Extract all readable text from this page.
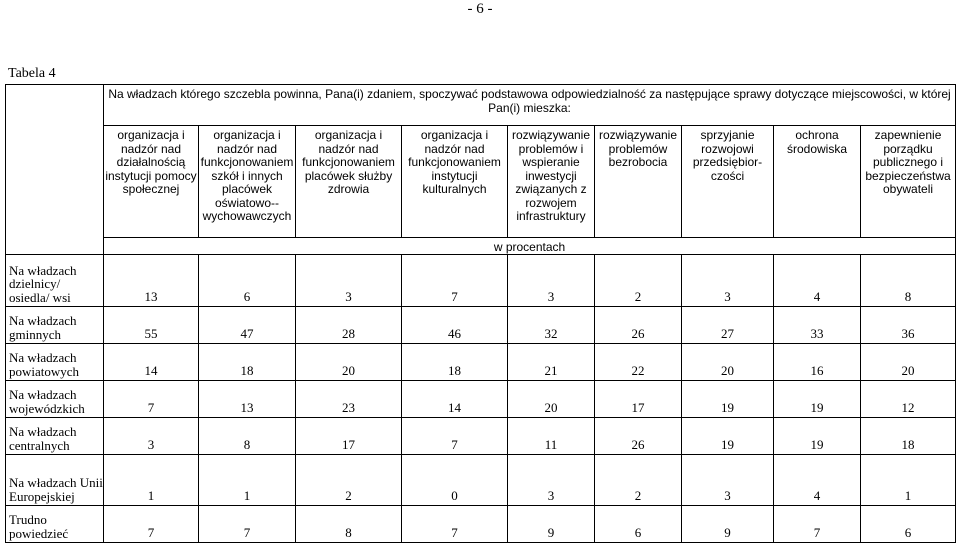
- 6 -
Tabela 4
	Na władzach którego szczebla powinna, Pana(i) zdaniem, spoczywać podstawowa odpowiedzialność za następujące sprawy dotyczące miejscowości, w której Pan(i) mieszka:								
	organizacja i nadzór nad działalnością instytucji pomocy społecznej	organizacja i nadzór nad funkcjonowaniem szkół i innych placówek oświatowo--wychowawczych	organizacja i nadzór nad funkcjonowaniem placówek służby zdrowia	organizacja i nadzór nad funkcjonowaniem instytucji kulturalnych	rozwiązywanie problemów i wspieranie inwestycji związanych z rozwojem infrastruktury	rozwiązywanie problemów bezrobocia	sprzyjanie rozwojowi przedsiębior-czości	ochrona środowiska	zapewnienie porządku publicznego i bezpieczeństwa obywateli
	w procentach								
Na władzach dzielnicy/ osiedla/ wsi	13	6	3	7	3	2	3	4	8
Na władzach gminnych	55	47	28	46	32	26	27	33	36
Na władzach powiatowych	14	18	20	18	21	22	20	16	20
Na władzach wojewódzkich	7	13	23	14	20	17	19	19	12
Na władzach centralnych	3	8	17	7	11	26	19	19	18
Na władzach Unii Europejskiej	1	1	2	0	3	2	3	4	1
Trudno powiedzieć	7	7	8	7	9	6	9	7	6
